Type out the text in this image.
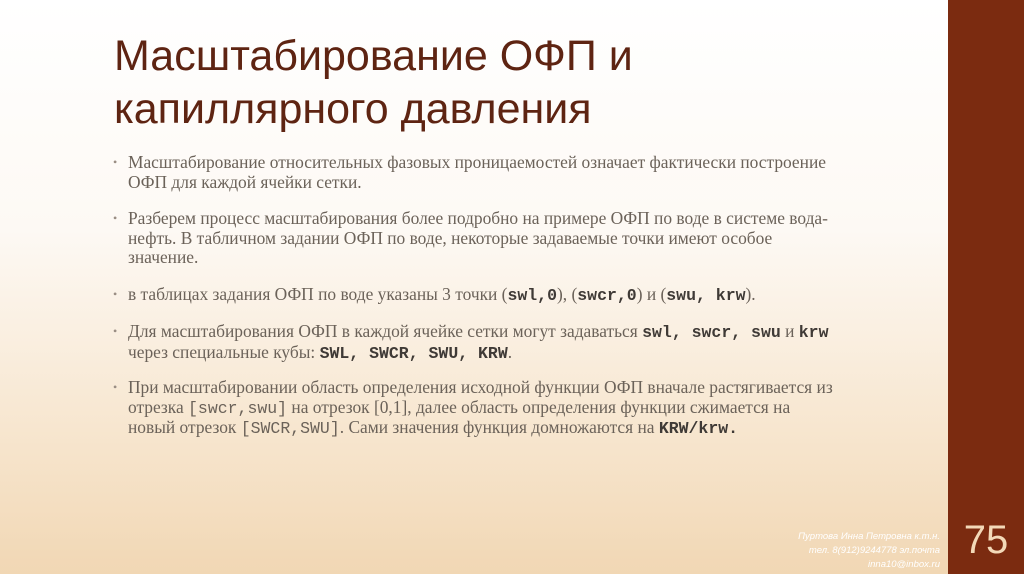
75
Масштабирование ОФП и
капиллярного давления
• Масштабирование относительных фазовых проницаемостей означает фактически построение ОФП для каждой ячейки сетки.
• Разберем процесс масштабирования более подробно на примере ОФП по воде в системе вода-нефть. В табличном задании ОФП по воде, некоторые задаваемые точки имеют особое значение.
• в таблицах задания ОФП по воде указаны 3 точки (swl,0), (swcr,0) и (swu, krw).
• Для масштабирования ОФП в каждой ячейке сетки могут задаваться swl, swcr, swu и krw через специальные кубы: SWL, SWCR, SWU, KRW.
• При масштабировании область определения исходной функции ОФП вначале растягивается из отрезка [swcr,swu] на отрезок [0,1], далее область определения функции сжимается на новый отрезок [SWCR,SWU]. Сами значения функция домножаются на KRW/krw.
Пуртова Инна Петровна к.т.н.
тел. 8(912)9244778 эл.почта
inna10@inbox.ru
